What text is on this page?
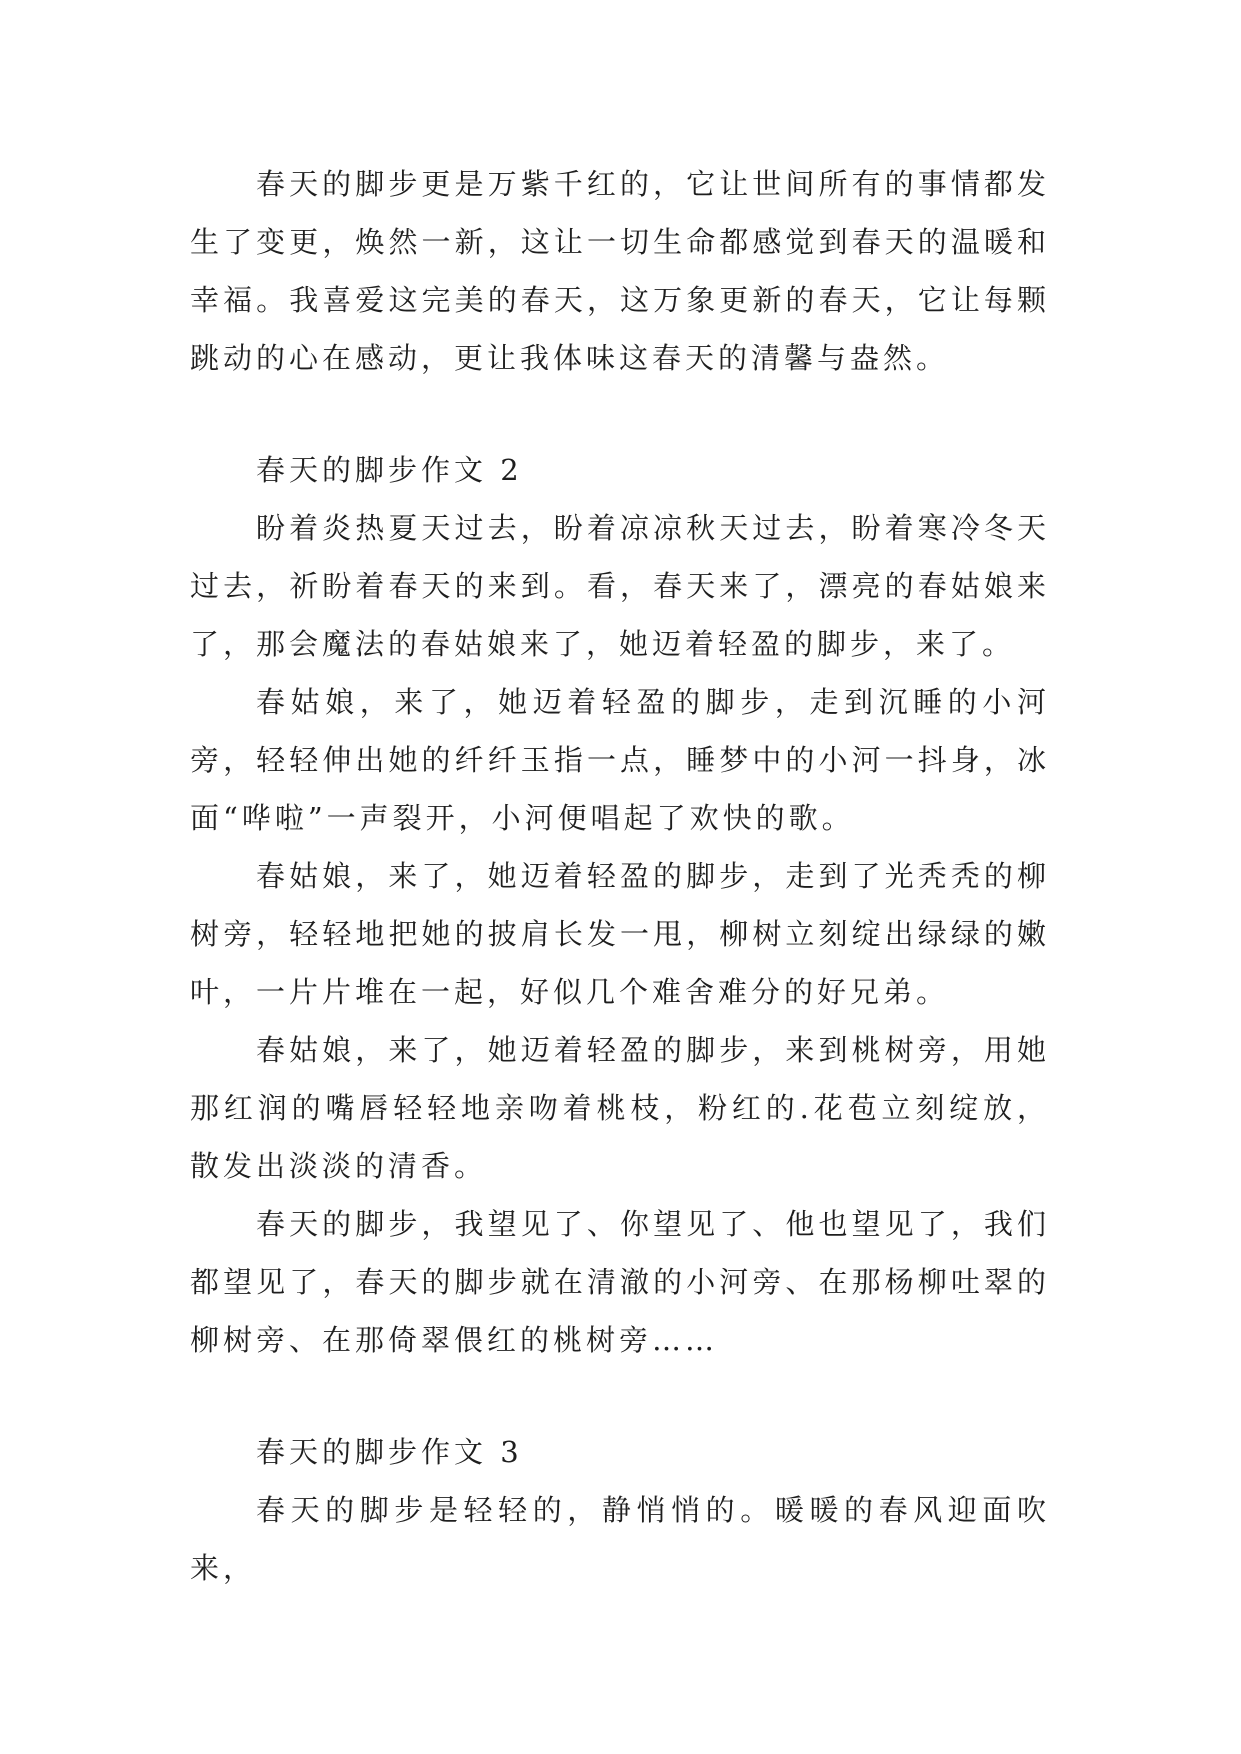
春天的脚步更是万紫千红的，它让世间所有的事情都发生了变更，焕然一新，这让一切生命都感觉到春天的温暖和幸福。我喜爱这完美的春天，这万象更新的春天，它让每颗跳动的心在感动，更让我体味这春天的清馨与盎然。

春天的脚步作文 2

盼着炎热夏天过去，盼着凉凉秋天过去，盼着寒冷冬天过去，祈盼着春天的来到。看，春天来了，漂亮的春姑娘来了，那会魔法的春姑娘来了，她迈着轻盈的脚步，来了。

春姑娘，来了，她迈着轻盈的脚步，走到沉睡的小河旁，轻轻伸出她的纤纤玉指一点，睡梦中的小河一抖身，冰面“哗啦”一声裂开，小河便唱起了欢快的歌。

春姑娘，来了，她迈着轻盈的脚步，走到了光秃秃的柳树旁，轻轻地把她的披肩长发一甩，柳树立刻绽出绿绿的嫩叶，一片片堆在一起，好似几个难舍难分的好兄弟。

春姑娘，来了，她迈着轻盈的脚步，来到桃树旁，用她那红润的嘴唇轻轻地亲吻着桃枝，粉红的.花苞立刻绽放，散发出淡淡的清香。

春天的脚步，我望见了、你望见了、他也望见了，我们都望见了，春天的脚步就在清澈的小河旁、在那杨柳吐翠的柳树旁、在那倚翠偎红的桃树旁……

春天的脚步作文 3

春天的脚步是轻轻的，静悄悄的。暖暖的春风迎面吹来，
